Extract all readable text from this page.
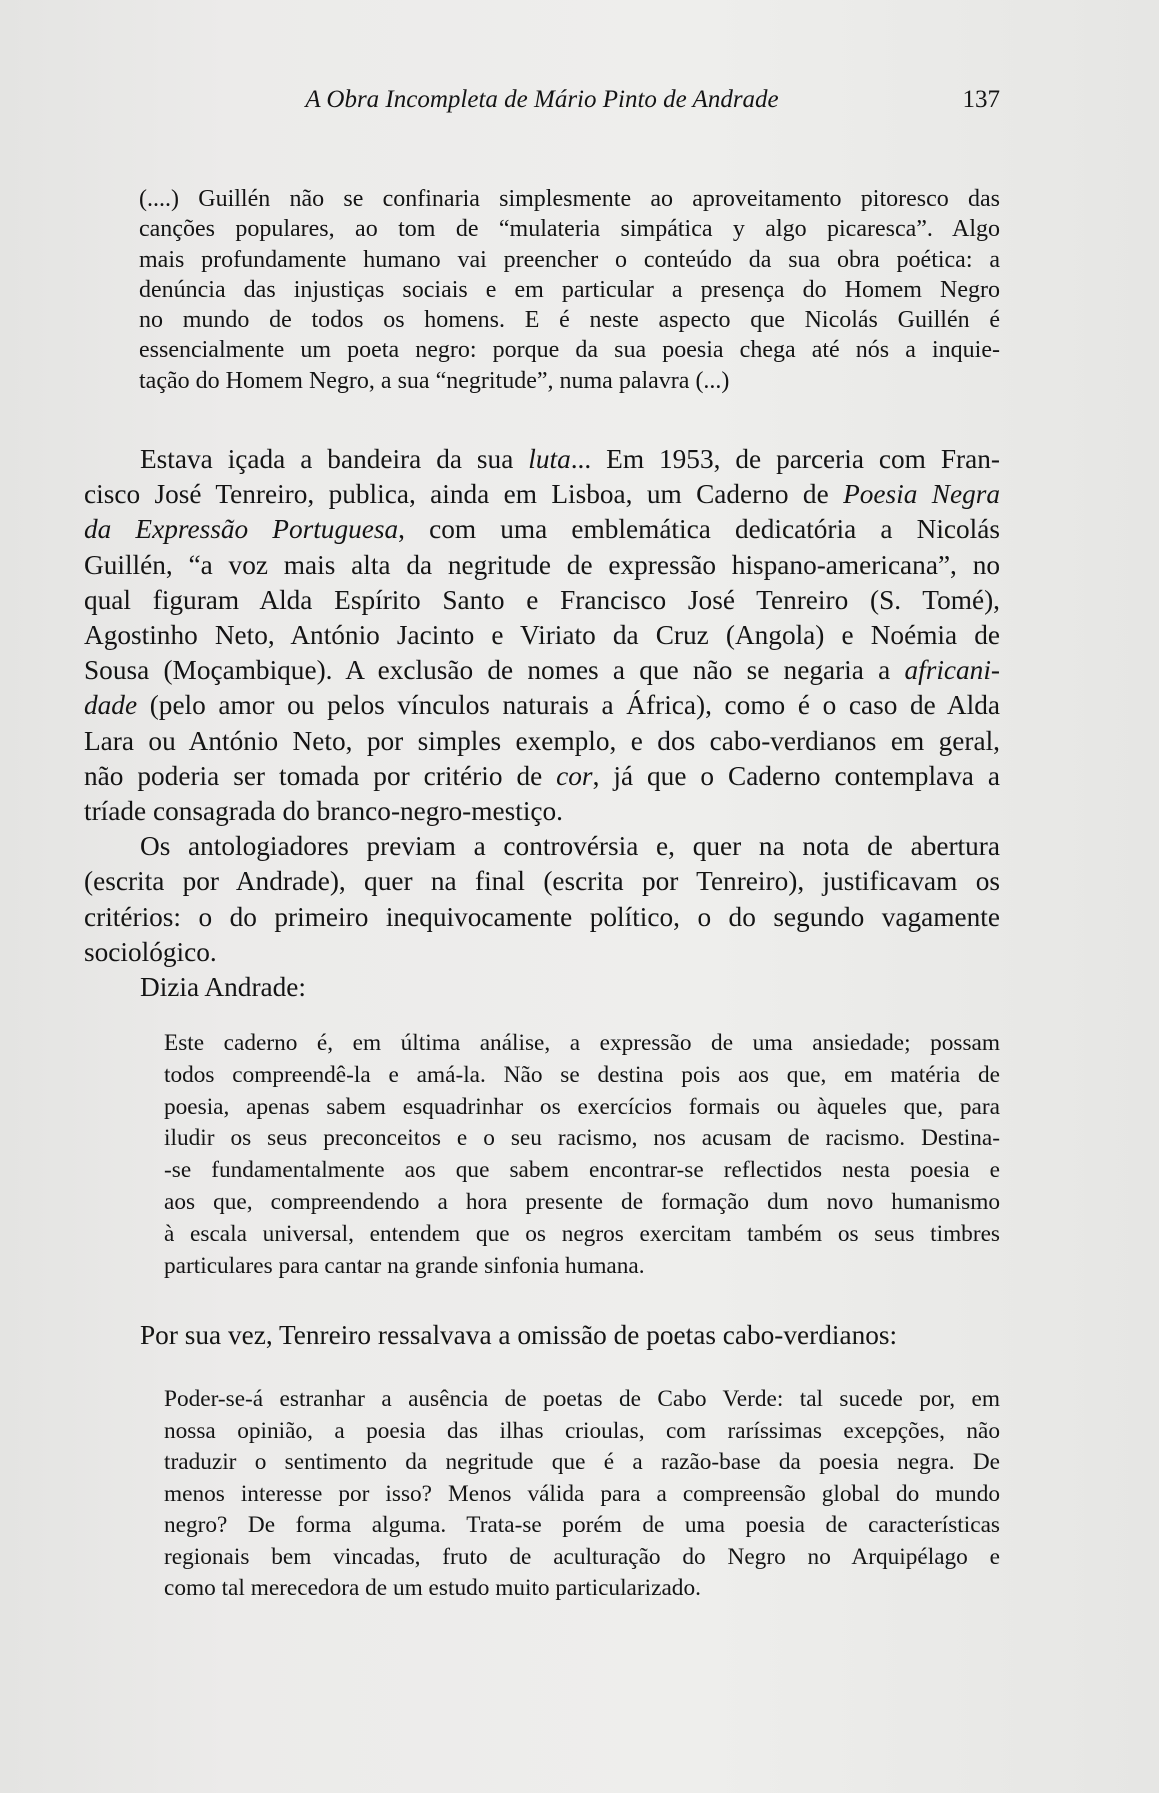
A Obra Incompleta de Mário Pinto de Andrade	137
(....) Guillén não se confinaria simplesmente ao aproveitamento pitoresco das
canções populares, ao tom de “mulateria simpática y algo picaresca”. Algo
mais profundamente humano vai preencher o conteúdo da sua obra poética: a
denúncia das injustiças sociais e em particular a presença do Homem Negro
no mundo de todos os homens. E é neste aspecto que Nicolás Guillén é
essencialmente um poeta negro: porque da sua poesia chega até nós a inquie-
tação do Homem Negro, a sua “negritude”, numa palavra (...)
Estava içada a bandeira da sua luta... Em 1953, de parceria com Fran-
cisco José Tenreiro, publica, ainda em Lisboa, um Caderno de Poesia Negra
da Expressão Portuguesa, com uma emblemática dedicatória a Nicolás
Guillén, “a voz mais alta da negritude de expressão hispano-americana”, no
qual figuram Alda Espírito Santo e Francisco José Tenreiro (S. Tomé),
Agostinho Neto, António Jacinto e Viriato da Cruz (Angola) e Noémia de
Sousa (Moçambique). A exclusão de nomes a que não se negaria a africani-
dade (pelo amor ou pelos vínculos naturais a África), como é o caso de Alda
Lara ou António Neto, por simples exemplo, e dos cabo-verdianos em geral,
não poderia ser tomada por critério de cor, já que o Caderno contemplava a
tríade consagrada do branco-negro-mestiço.
Os antologiadores previam a controvérsia e, quer na nota de abertura
(escrita por Andrade), quer na final (escrita por Tenreiro), justificavam os
critérios: o do primeiro inequivocamente político, o do segundo vagamente
sociológico.
Dizia Andrade:
Este caderno é, em última análise, a expressão de uma ansiedade; possam
todos compreendê-la e amá-la. Não se destina pois aos que, em matéria de
poesia, apenas sabem esquadrinhar os exercícios formais ou àqueles que, para
iludir os seus preconceitos e o seu racismo, nos acusam de racismo. Destina-
-se fundamentalmente aos que sabem encontrar-se reflectidos nesta poesia e
aos que, compreendendo a hora presente de formação dum novo humanismo
à escala universal, entendem que os negros exercitam também os seus timbres
particulares para cantar na grande sinfonia humana.
Por sua vez, Tenreiro ressalvava a omissão de poetas cabo-verdianos:
Poder-se-á estranhar a ausência de poetas de Cabo Verde: tal sucede por, em
nossa opinião, a poesia das ilhas crioulas, com raríssimas excepções, não
traduzir o sentimento da negritude que é a razão-base da poesia negra. De
menos interesse por isso? Menos válida para a compreensão global do mundo
negro? De forma alguma. Trata-se porém de uma poesia de características
regionais bem vincadas, fruto de aculturação do Negro no Arquipélago e
como tal merecedora de um estudo muito particularizado.
